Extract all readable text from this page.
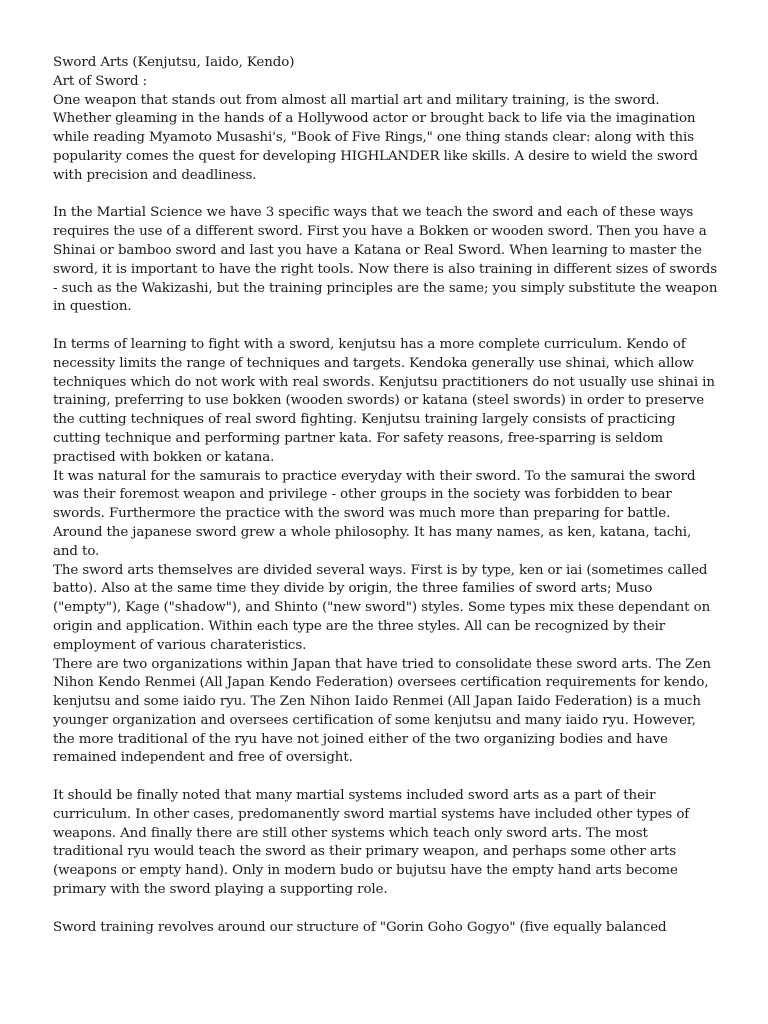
Sword Arts (Kenjutsu, Iaido, Kendo)
Art of Sword :
One weapon that stands out from almost all martial art and military training, is the sword.
Whether gleaming in the hands of a Hollywood actor or brought back to life via the imagination
while reading Myamoto Musashi's, "Book of Five Rings," one thing stands clear: along with this
popularity comes the quest for developing HIGHLANDER like skills. A desire to wield the sword
with precision and deadliness.
In the Martial Science we have 3 specific ways that we teach the sword and each of these ways
requires the use of a different sword. First you have a Bokken or wooden sword. Then you have a
Shinai or bamboo sword and last you have a Katana or Real Sword. When learning to master the
sword, it is important to have the right tools. Now there is also training in different sizes of swords
- such as the Wakizashi, but the training principles are the same; you simply substitute the weapon
in question.
In terms of learning to fight with a sword, kenjutsu has a more complete curriculum. Kendo of
necessity limits the range of techniques and targets. Kendoka generally use shinai, which allow
techniques which do not work with real swords. Kenjutsu practitioners do not usually use shinai in
training, preferring to use bokken (wooden swords) or katana (steel swords) in order to preserve
the cutting techniques of real sword fighting. Kenjutsu training largely consists of practicing
cutting technique and performing partner kata. For safety reasons, free-sparring is seldom
practised with bokken or katana.
It was natural for the samurais to practice everyday with their sword. To the samurai the sword
was their foremost weapon and privilege - other groups in the society was forbidden to bear
swords. Furthermore the practice with the sword was much more than preparing for battle.
Around the japanese sword grew a whole philosophy. It has many names, as ken, katana, tachi,
and to.
The sword arts themselves are divided several ways. First is by type, ken or iai (sometimes called
batto). Also at the same time they divide by origin, the three families of sword arts; Muso
("empty"), Kage ("shadow"), and Shinto ("new sword") styles. Some types mix these dependant on
origin and application. Within each type are the three styles. All can be recognized by their
employment of various charateristics.
There are two organizations within Japan that have tried to consolidate these sword arts. The Zen
Nihon Kendo Renmei (All Japan Kendo Federation) oversees certification requirements for kendo,
kenjutsu and some iaido ryu. The Zen Nihon Iaido Renmei (All Japan Iaido Federation) is a much
younger organization and oversees certification of some kenjutsu and many iaido ryu. However,
the more traditional of the ryu have not joined either of the two organizing bodies and have
remained independent and free of oversight.
It should be finally noted that many martial systems included sword arts as a part of their
curriculum. In other cases, predomanently sword martial systems have included other types of
weapons. And finally there are still other systems which teach only sword arts. The most
traditional ryu would teach the sword as their primary weapon, and perhaps some other arts
(weapons or empty hand). Only in modern budo or bujutsu have the empty hand arts become
primary with the sword playing a supporting role.
Sword training revolves around our structure of "Gorin Goho Gogyo" (five equally balanced
